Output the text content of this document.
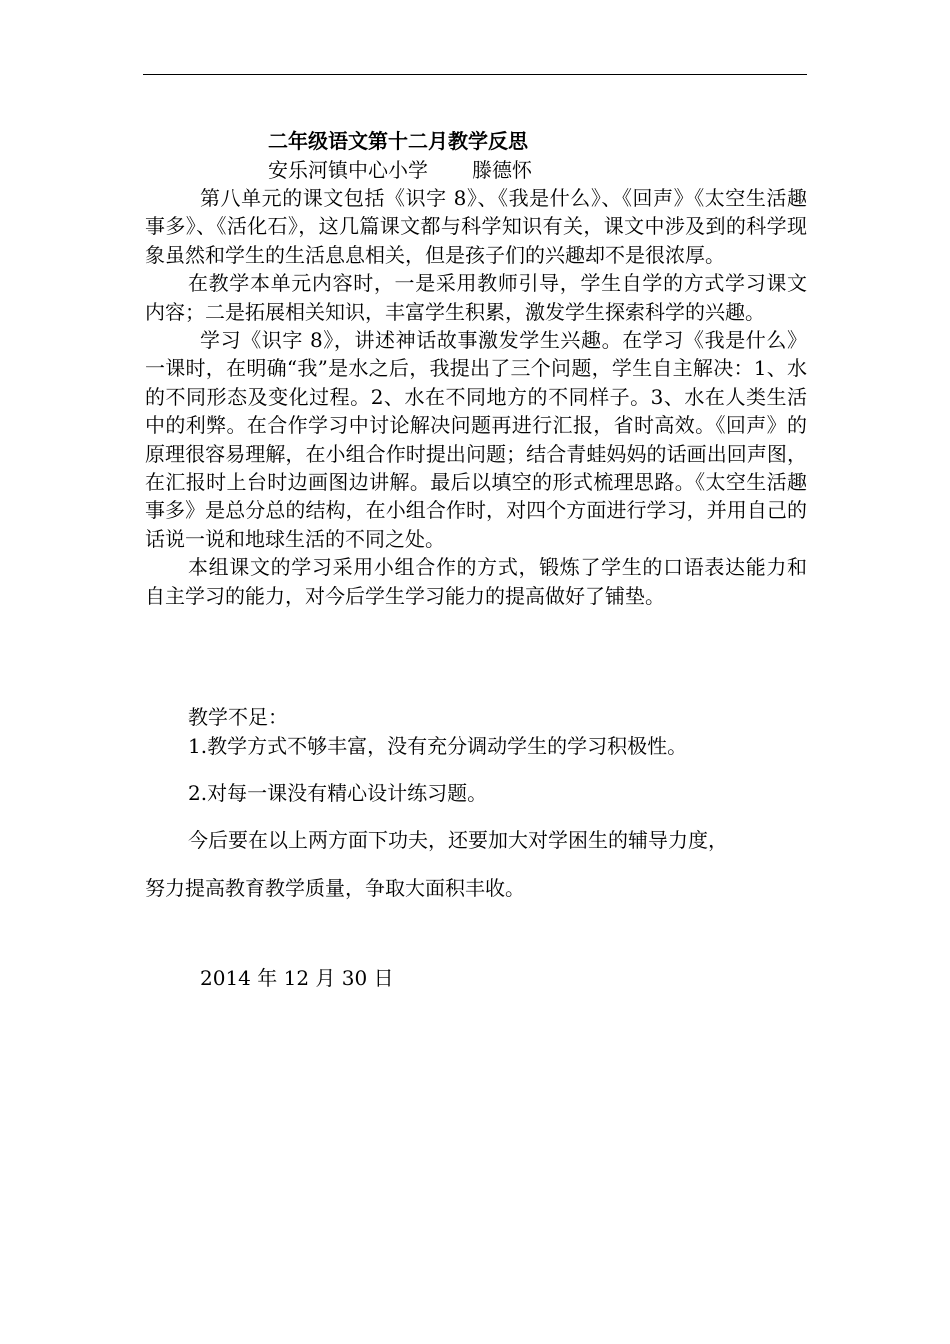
二年级语文第十二月教学反思
安乐河镇中心小学 滕德怀

第八单元的课文包括《识字 8》、《我是什么》、《回声》《太空生活趣事多》、《活化石》，这几篇课文都与科学知识有关，课文中涉及到的科学现象虽然和学生的生活息息相关，但是孩子们的兴趣却不是很浓厚。

在教学本单元内容时，一是采用教师引导，学生自学的方式学习课文内容；二是拓展相关知识，丰富学生积累，激发学生探索科学的兴趣。

学习《识字 8》，讲述神话故事激发学生兴趣。在学习《我是什么》一课时，在明确“我”是水之后，我提出了三个问题，学生自主解决：1、水的不同形态及变化过程。2、水在不同地方的不同样子。3、水在人类生活中的利弊。在合作学习中讨论解决问题再进行汇报，省时高效。《回声》的原理很容易理解，在小组合作时提出问题；结合青蛙妈妈的话画出回声图，在汇报时上台时边画图边讲解。最后以填空的形式梳理思路。《太空生活趣事多》是总分总的结构，在小组合作时，对四个方面进行学习，并用自己的话说一说和地球生活的不同之处。

本组课文的学习采用小组合作的方式，锻炼了学生的口语表达能力和自主学习的能力，对今后学生学习能力的提高做好了铺垫。

教学不足：
1.教学方式不够丰富，没有充分调动学生的学习积极性。
2.对每一课没有精心设计练习题。
今后要在以上两方面下功夫，还要加大对学困生的辅导力度，
努力提高教育教学质量，争取大面积丰收。
2014 年 12 月 30 日
